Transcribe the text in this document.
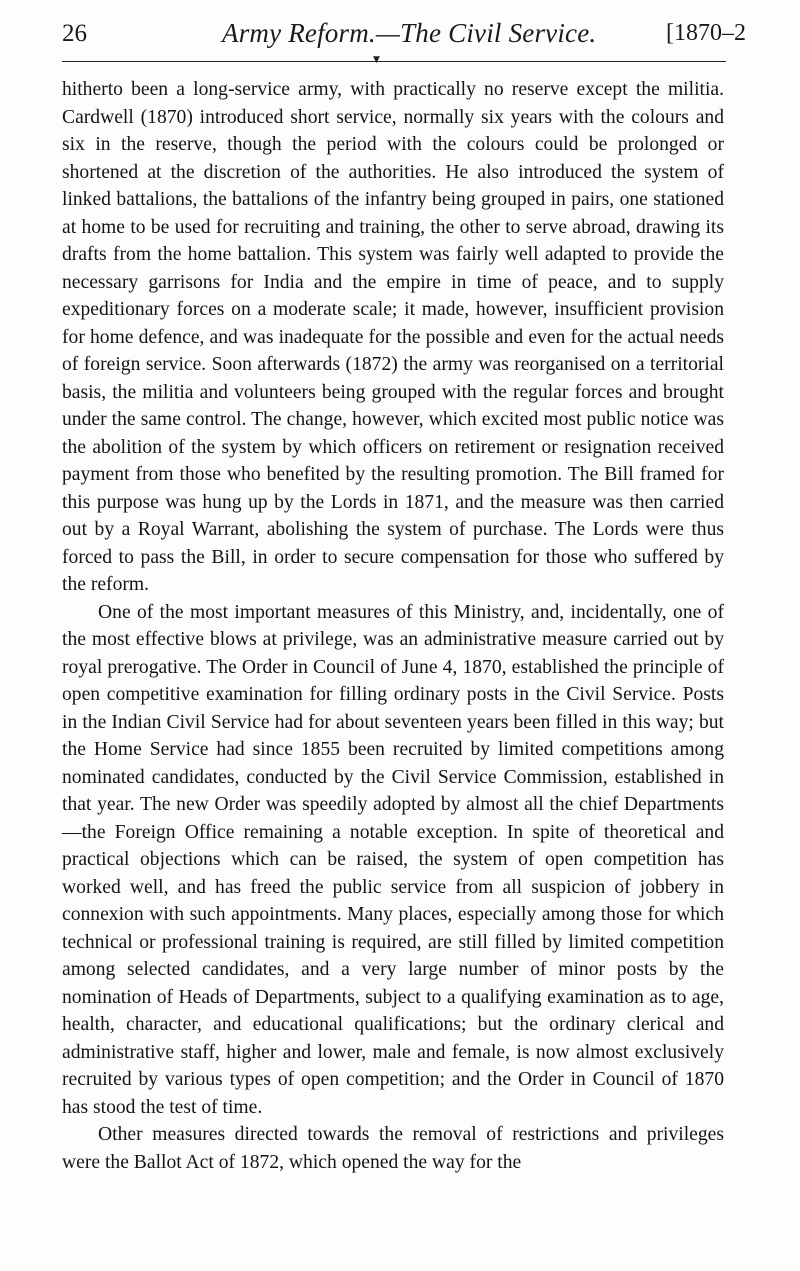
26	Army Reform.—The Civil Service.	[1870–2
▼

hitherto been a long-service army, with practically no reserve except the militia. Cardwell (1870) introduced short service, normally six years with the colours and six in the reserve, though the period with the colours could be prolonged or shortened at the discretion of the authorities. He also introduced the system of linked battalions, the battalions of the infantry being grouped in pairs, one stationed at home to be used for recruiting and training, the other to serve abroad, drawing its drafts from the home battalion. This system was fairly well adapted to provide the necessary garrisons for India and the empire in time of peace, and to supply expeditionary forces on a moderate scale; it made, however, insufficient provision for home defence, and was inadequate for the possible and even for the actual needs of foreign service. Soon afterwards (1872) the army was reorganised on a territorial basis, the militia and volunteers being grouped with the regular forces and brought under the same control. The change, however, which excited most public notice was the abolition of the system by which officers on retirement or resignation received payment from those who benefited by the resulting promotion. The Bill framed for this purpose was hung up by the Lords in 1871, and the measure was then carried out by a Royal Warrant, abolishing the system of purchase. The Lords were thus forced to pass the Bill, in order to secure compensation for those who suffered by the reform.

One of the most important measures of this Ministry, and, incidentally, one of the most effective blows at privilege, was an administrative measure carried out by royal prerogative. The Order in Council of June 4, 1870, established the principle of open competitive examination for filling ordinary posts in the Civil Service. Posts in the Indian Civil Service had for about seventeen years been filled in this way; but the Home Service had since 1855 been recruited by limited competitions among nominated candidates, conducted by the Civil Service Commission, established in that year. The new Order was speedily adopted by almost all the chief Departments—the Foreign Office remaining a notable exception. In spite of theoretical and practical objections which can be raised, the system of open competition has worked well, and has freed the public service from all suspicion of jobbery in connexion with such appointments. Many places, especially among those for which technical or professional training is required, are still filled by limited competition among selected candidates, and a very large number of minor posts by the nomination of Heads of Departments, subject to a qualifying examination as to age, health, character, and educational qualifications; but the ordinary clerical and administrative staff, higher and lower, male and female, is now almost exclusively recruited by various types of open competition; and the Order in Council of 1870 has stood the test of time.

Other measures directed towards the removal of restrictions and privileges were the Ballot Act of 1872, which opened the way for the
